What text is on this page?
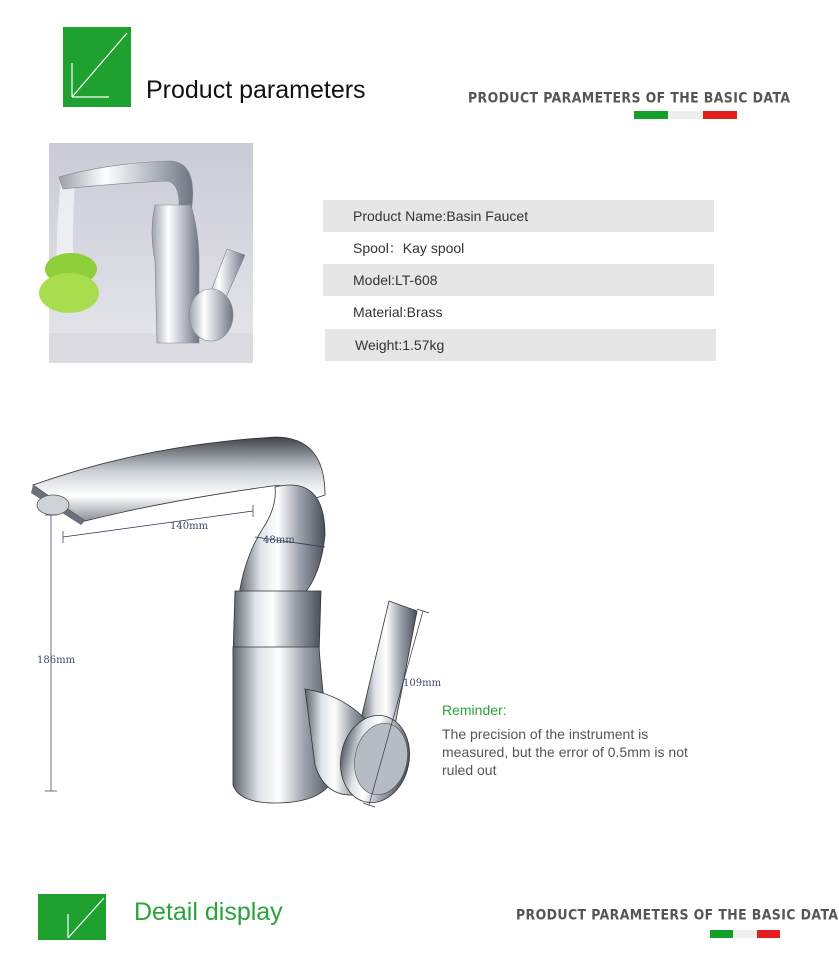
Product parameters	PRODUCT PARAMETERS OF THE BASIC DATA
Product Name:Basin Faucet
Spool：Kay spool
Model:LT-608
Material:Brass
Weight:1.57kg
140mm
48mm
186mm
109mm
Reminder:
The precision of the instrument is measured, but the error of 0.5mm is not ruled out
Detail display	PRODUCT PARAMETERS OF THE BASIC DATA
